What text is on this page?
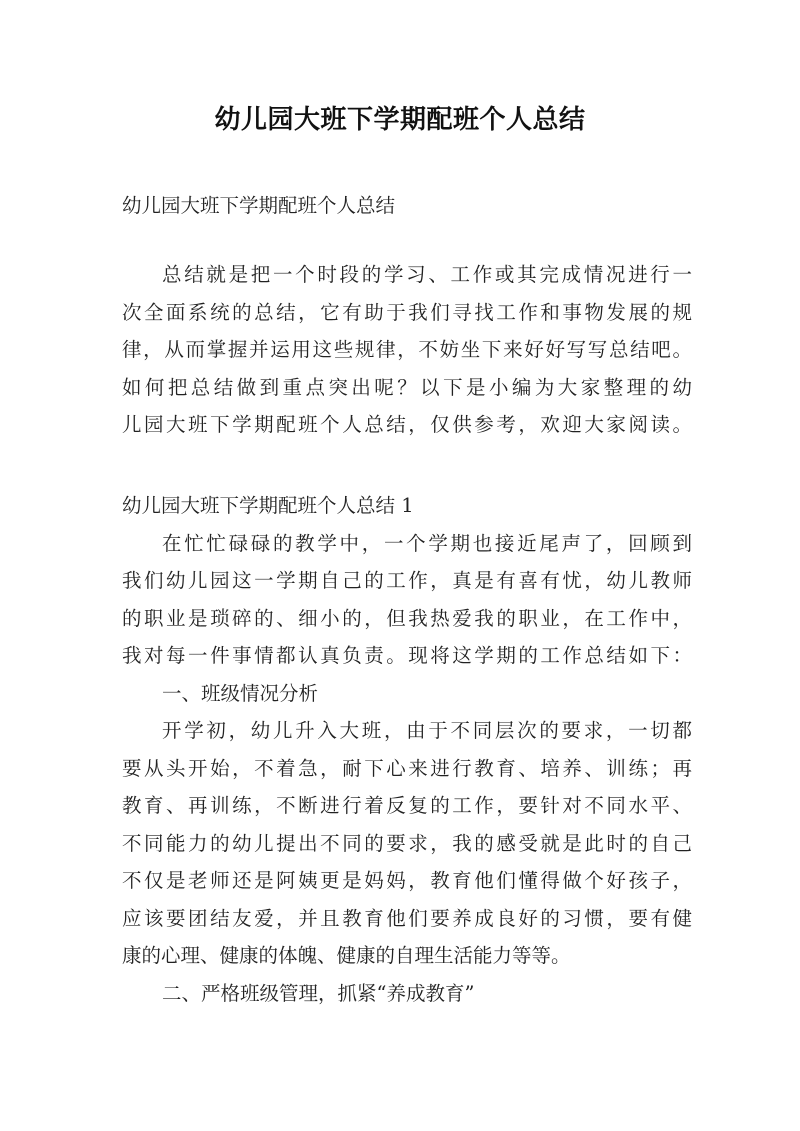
幼儿园大班下学期配班个人总结
幼儿园大班下学期配班个人总结
总结就是把一个时段的学习、工作或其完成情况进行一
次全面系统的总结，它有助于我们寻找工作和事物发展的规
律，从而掌握并运用这些规律，不妨坐下来好好写写总结吧。
如何把总结做到重点突出呢？以下是小编为大家整理的幼
儿园大班下学期配班个人总结，仅供参考，欢迎大家阅读。
幼儿园大班下学期配班个人总结 1
在忙忙碌碌的教学中，一个学期也接近尾声了，回顾到
我们幼儿园这一学期自己的工作，真是有喜有忧，幼儿教师
的职业是琐碎的、细小的，但我热爱我的职业，在工作中，
我对每一件事情都认真负责。现将这学期的工作总结如下：
一、班级情况分析
开学初，幼儿升入大班，由于不同层次的要求，一切都
要从头开始，不着急，耐下心来进行教育、培养、训练；再
教育、再训练，不断进行着反复的工作，要针对不同水平、
不同能力的幼儿提出不同的要求，我的感受就是此时的自己
不仅是老师还是阿姨更是妈妈，教育他们懂得做个好孩子，
应该要团结友爱，并且教育他们要养成良好的习惯，要有健
康的心理、健康的体魄、健康的自理生活能力等等。
二、严格班级管理，抓紧“养成教育”
